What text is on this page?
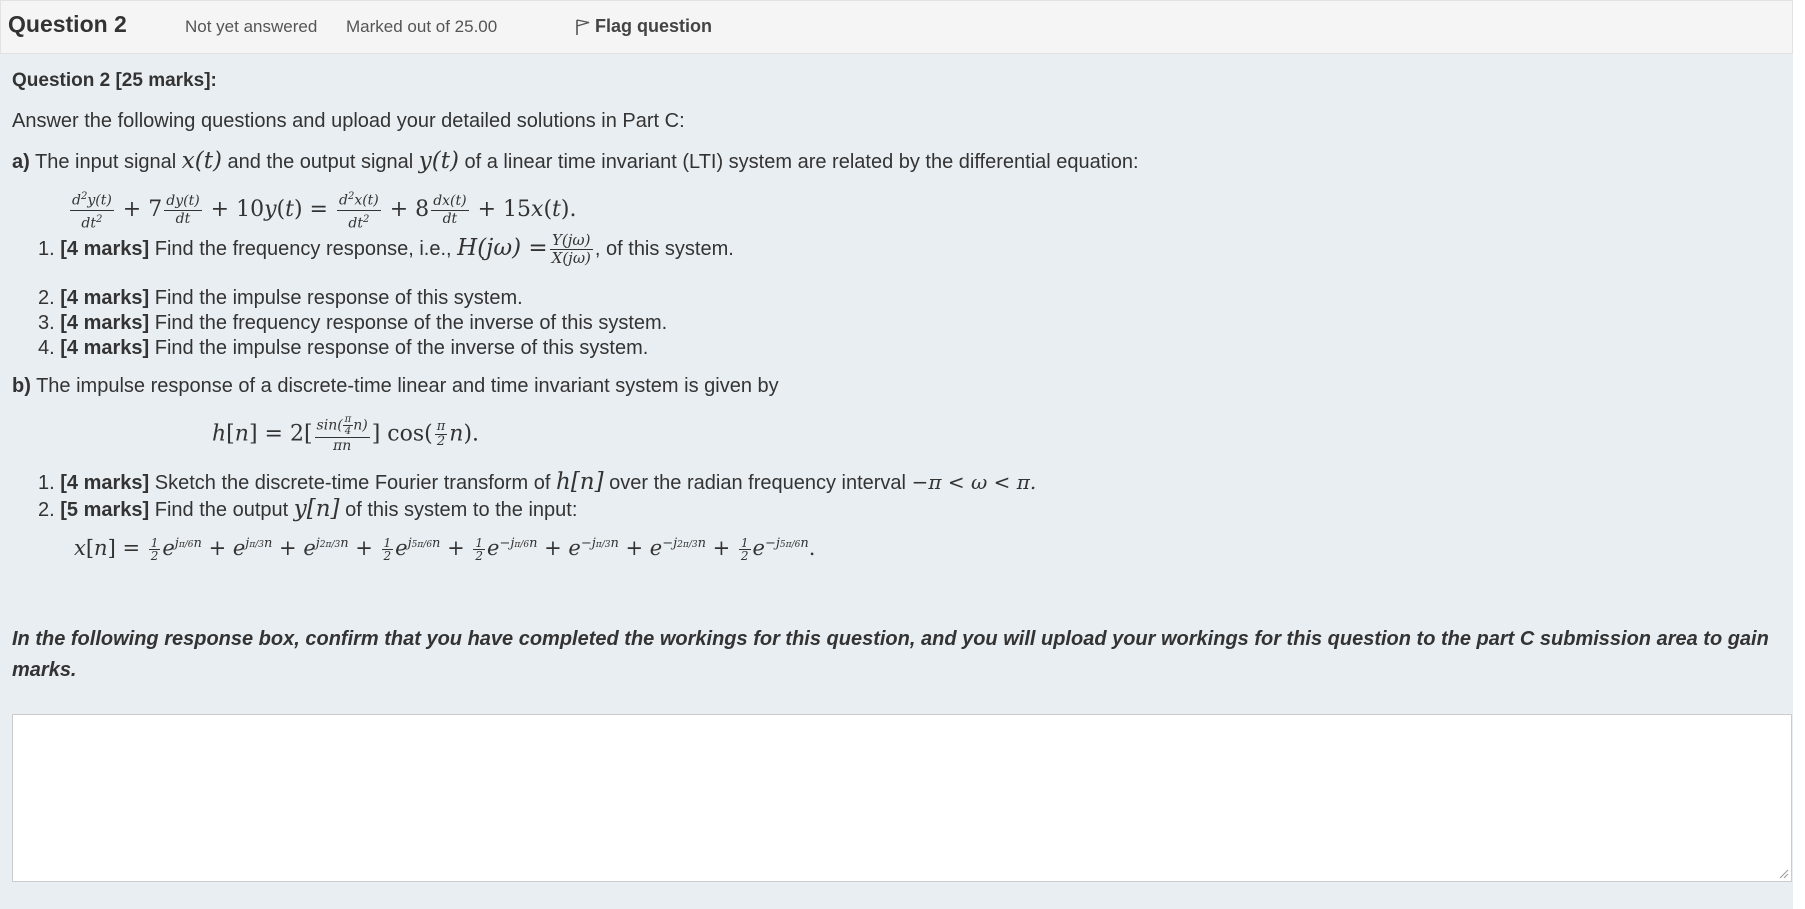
Question 2	Not yet answered Marked out of 25.00	Flag question
Question 2 [25 marks]:
Answer the following questions and upload your detailed solutions in Part C:
a) The input signal x(t) and the output signal y(t) of a linear time invariant (LTI) system are related by the differential equation:
$\frac{d^2y(t)}{dt^2} + 7 \frac{dy(t)}{dt} + 10y(t) = \frac{d^2x(t)}{dt^2} + 8 \frac{dx(t)}{dt} + 15x(t)$.
1. [4 marks] Find the frequency response, i.e., $H(j\omega) = \frac{Y(j\omega)}{X(j\omega)}$ , of this system.
2. [4 marks] Find the impulse response of this system.
3. [4 marks] Find the frequency response of the inverse of this system.
4. [4 marks] Find the impulse response of the inverse of this system.
b) The impulse response of a discrete-time linear and time invariant system is given by
$h[n] = 2[ \frac{\sin( \frac{\pi}{4} n)}{\pi n}$ ] $\cos( \frac{\pi}{2} n)$.
1. [4 marks] Sketch the discrete-time Fourier transform of h[n] over the radian frequency interval −π < ω < π.
2. [5 marks] Find the output y[n] of this system to the input:
$x[n] = \frac{1}{2} e^{j\pi/6n} + e^{j\pi/3n} + e^{j2\pi/3n} + \frac{1}{2} e^{j5\pi/6n} + \frac{1}{2} e^{-j\pi/6n} + e^{-j\pi/3n} + e^{-j2\pi/3n} + \frac{1}{2} e^{-j5\pi/6n}$.
In the following response box, confirm that you have completed the workings for this question, and you will upload your workings for this question to the part C submission area to gain marks.
